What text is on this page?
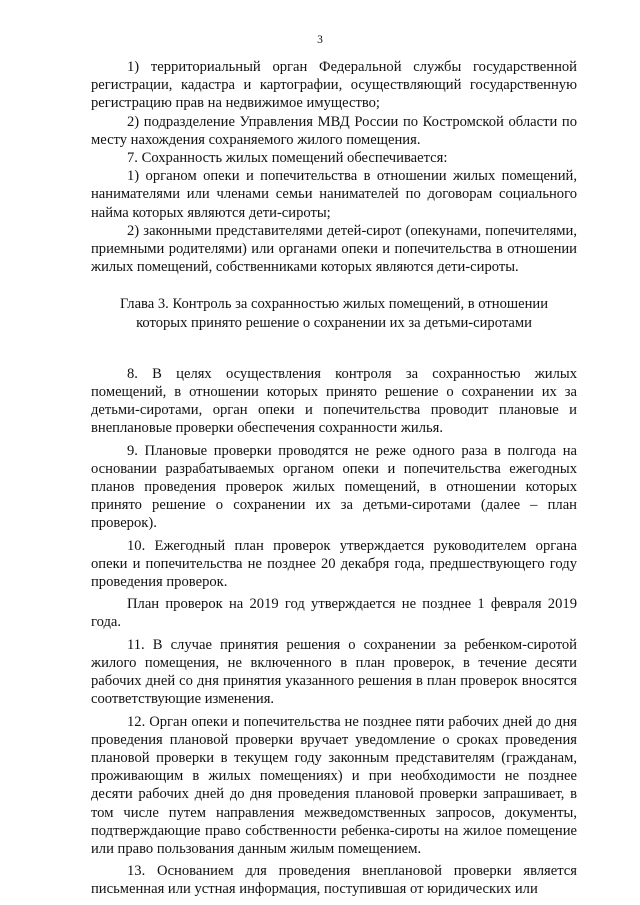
3

1) территориальный орган Федеральной службы государственной регистрации, кадастра и картографии, осуществляющий государственную регистрацию прав на недвижимое имущество;

2) подразделение Управления МВД России по Костромской области по месту нахождения сохраняемого жилого помещения.

7. Сохранность жилых помещений обеспечивается:

1) органом опеки и попечительства в отношении жилых помещений, нанимателями или членами семьи нанимателей по договорам социального найма которых являются дети-сироты;

2) законными представителями детей-сирот (опекунами, попечителями, приемными родителями) или органами опеки и попечительства в отношении жилых помещений, собственниками которых являются дети-сироты.

Глава 3. Контроль за сохранностью жилых помещений, в отношении
которых принято решение о сохранении их за детьми-сиротами

8. В целях осуществления контроля за сохранностью жилых помещений, в отношении которых принято решение о сохранении их за детьми-сиротами, орган опеки и попечительства проводит плановые и внеплановые проверки обеспечения сохранности жилья.

9. Плановые проверки проводятся не реже одного раза в полгода на основании разрабатываемых органом опеки и попечительства ежегодных планов проведения проверок жилых помещений, в отношении которых принято решение о сохранении их за детьми-сиротами (далее – план проверок).

10. Ежегодный план проверок утверждается руководителем органа опеки и попечительства не позднее 20 декабря года, предшествующего году проведения проверок.

План проверок на 2019 год утверждается не позднее 1 февраля 2019 года.

11. В случае принятия решения о сохранении за ребенком-сиротой жилого помещения, не включенного в план проверок, в течение десяти рабочих дней со дня принятия указанного решения в план проверок вносятся соответствующие изменения.

12. Орган опеки и попечительства не позднее пяти рабочих дней до дня проведения плановой проверки вручает уведомление о сроках проведения плановой проверки в текущем году законным представителям (гражданам, проживающим в жилых помещениях) и при необходимости не позднее десяти рабочих дней до дня проведения плановой проверки запрашивает, в том числе путем направления межведомственных запросов, документы, подтверждающие право собственности ребенка-сироты на жилое помещение или право пользования данным жилым помещением.

13. Основанием для проведения внеплановой проверки является письменная или устная информация, поступившая от юридических или
